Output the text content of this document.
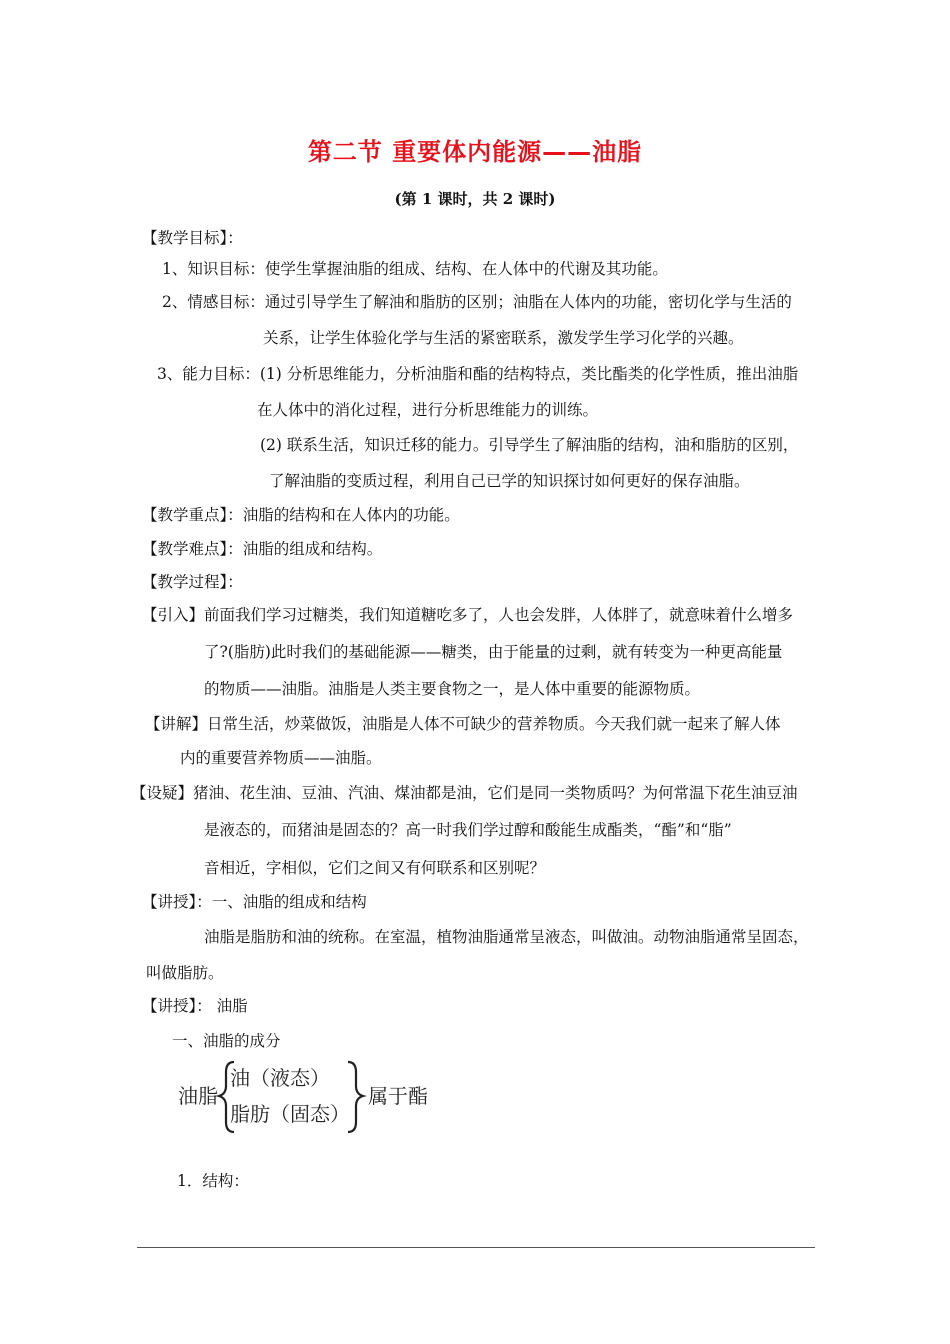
第二节 重要体内能源——油脂
(第 1 课时，共 2 课时)
【教学目标】：
1、知识目标：使学生掌握油脂的组成、结构、在人体中的代谢及其功能。
2、情感目标：通过引导学生了解油和脂肪的区别；油脂在人体内的功能，密切化学与生活的
关系，让学生体验化学与生活的紧密联系，激发学生学习化学的兴趣。
3、能力目标：(1) 分析思维能力，分析油脂和酯的结构特点，类比酯类的化学性质，推出油脂
在人体中的消化过程，进行分析思维能力的训练。
(2) 联系生活，知识迁移的能力。引导学生了解油脂的结构，油和脂肪的区别，
了解油脂的变质过程，利用自己已学的知识探讨如何更好的保存油脂。
【教学重点】：油脂的结构和在人体内的功能。
【教学难点】：油脂的组成和结构。
【教学过程】：
【引入】前面我们学习过糖类，我们知道糖吃多了，人也会发胖，人体胖了，就意味着什么增多
了?(脂肪)此时我们的基础能源——糖类，由于能量的过剩，就有转变为一种更高能量
的物质——油脂。油脂是人类主要食物之一，是人体中重要的能源物质。
【讲解】日常生活，炒菜做饭，油脂是人体不可缺少的营养物质。今天我们就一起来了解人体
内的重要营养物质——油脂。
【设疑】猪油、花生油、豆油、汽油、煤油都是油，它们是同一类物质吗？为何常温下花生油豆油
是液态的，而猪油是固态的？高一时我们学过醇和酸能生成酯类，“酯”和“脂”
音相近，字相似，它们之间又有何联系和区别呢？
【讲授】：一、油脂的组成和结构
油脂是脂肪和油的统称。在室温，植物油脂通常呈液态，叫做油。动物油脂通常呈固态，
叫做脂肪。
【讲授】： 油脂
一、油脂的成分
油脂
油（液态）
脂肪（固态）
属于酯
1．结构：
